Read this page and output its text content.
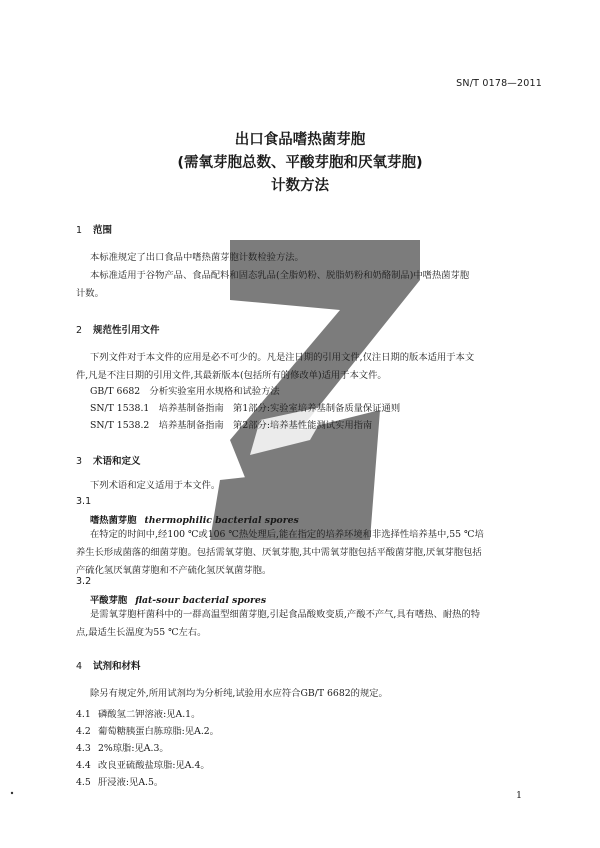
SN/T 0178—2011
出口食品嗜热菌芽胞
(需氧芽胞总数、平酸芽胞和厌氧芽胞)
计数方法
1 范围
本标准规定了出口食品中嗜热菌芽胞计数检验方法。
本标准适用于谷物产品、食品配料和固态乳品(全脂奶粉、脱脂奶粉和奶酪制品)中嗜热菌芽胞
计数。
2 规范性引用文件
下列文件对于本文件的应用是必不可少的。凡是注日期的引用文件,仅注日期的版本适用于本文
件,凡是不注日期的引用文件,其最新版本(包括所有的修改单)适用于本文件。
GB/T 6682　 分析实验室用水规格和试验方法
SN/T 1538.1　 培养基制备指南　第1部分:实验室培养基制备质量保证通则
SN/T 1538.2　 培养基制备指南　第2部分:培养基性能测试实用指南
3 术语和定义
下列术语和定义适用于本文件。
3.1
嗜热菌芽胞 thermophilic bacterial spores
在特定的时间中,经100 ℃或106 ℃热处理后,能在指定的培养环境和非选择性培养基中,55 ℃培
养生长形成菌落的细菌芽胞。包括需氧芽胞、厌氧芽胞,其中需氧芽胞包括平酸菌芽胞,厌氧芽胞包括
产硫化氢厌氧菌芽胞和不产硫化氢厌氧菌芽胞。
3.2
平酸芽胞 flat-sour bacterial spores
是需氧芽胞杆菌科中的一群高温型细菌芽胞,引起食品酸败变质,产酸不产气,具有嗜热、耐热的特
点,最适生长温度为55 ℃左右。
4 试剂和材料
除另有规定外,所用试剂均为分析纯,试验用水应符合GB/T 6682的规定。
4.1 磷酸氢二钾溶液:见A.1。
4.2 葡萄糖胰蛋白胨琼脂:见A.2。
4.3 2%琼脂:见A.3。
4.4 改良亚硫酸盐琼脂:见A.4。
4.5 肝浸液:见A.5。
1
